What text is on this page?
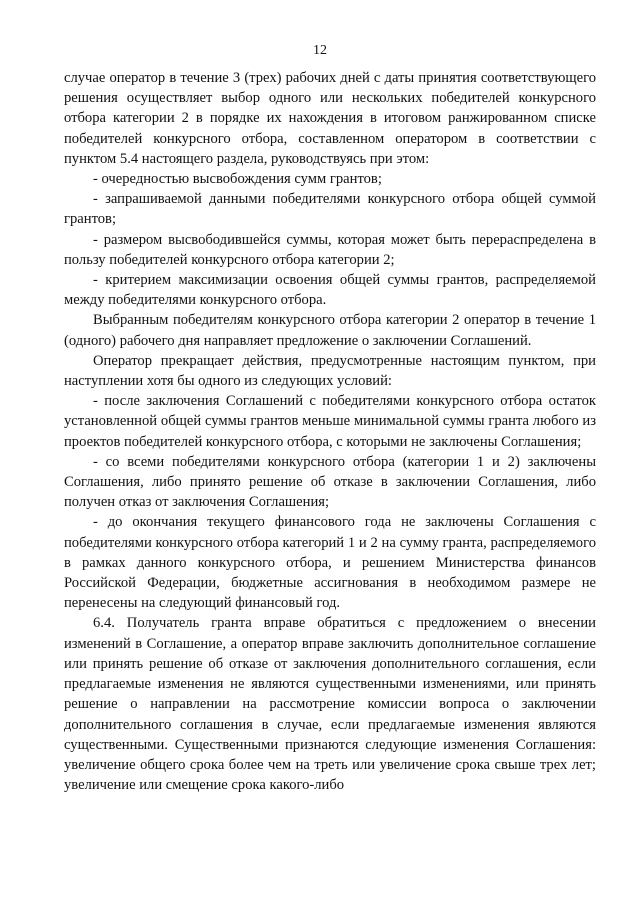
12

случае оператор в течение 3 (трех) рабочих дней с даты принятия соответствующего решения осуществляет выбор одного или нескольких победителей конкурсного отбора категории 2 в порядке их нахождения в итоговом ранжированном списке победителей конкурсного отбора, составленном оператором в соответствии с пунктом 5.4 настоящего раздела, руководствуясь при этом:

- очередностью высвобождения сумм грантов;

- запрашиваемой данными победителями конкурсного отбора общей суммой грантов;

- размером высвободившейся суммы, которая может быть перераспределена в пользу победителей конкурсного отбора категории 2;

- критерием максимизации освоения общей суммы грантов, распределяемой между победителями конкурсного отбора.

Выбранным победителям конкурсного отбора категории 2 оператор в течение 1 (одного) рабочего дня направляет предложение о заключении Соглашений.

Оператор прекращает действия, предусмотренные настоящим пунктом, при наступлении хотя бы одного из следующих условий:

- после заключения Соглашений с победителями конкурсного отбора остаток установленной общей суммы грантов меньше минимальной суммы гранта любого из проектов победителей конкурсного отбора, с которыми не заключены Соглашения;

- со всеми победителями конкурсного отбора (категории 1 и 2) заключены Соглашения, либо принято решение об отказе в заключении Соглашения, либо получен отказ от заключения Соглашения;

- до окончания текущего финансового года не заключены Соглашения с победителями конкурсного отбора категорий 1 и 2 на сумму гранта, распределяемого в рамках данного конкурсного отбора, и решением Министерства финансов Российской Федерации, бюджетные ассигнования в необходимом размере не перенесены на следующий финансовый год.

6.4. Получатель гранта вправе обратиться с предложением о внесении изменений в Соглашение, а оператор вправе заключить дополнительное соглашение или принять решение об отказе от заключения дополнительного соглашения, если предлагаемые изменения не являются существенными изменениями, или принять решение о направлении на рассмотрение комиссии вопроса о заключении дополнительного соглашения в случае, если предлагаемые изменения являются существенными. Существенными признаются следующие изменения Соглашения: увеличение общего срока более чем на треть или увеличение срока свыше трех лет; увеличение или смещение срока какого-либо
